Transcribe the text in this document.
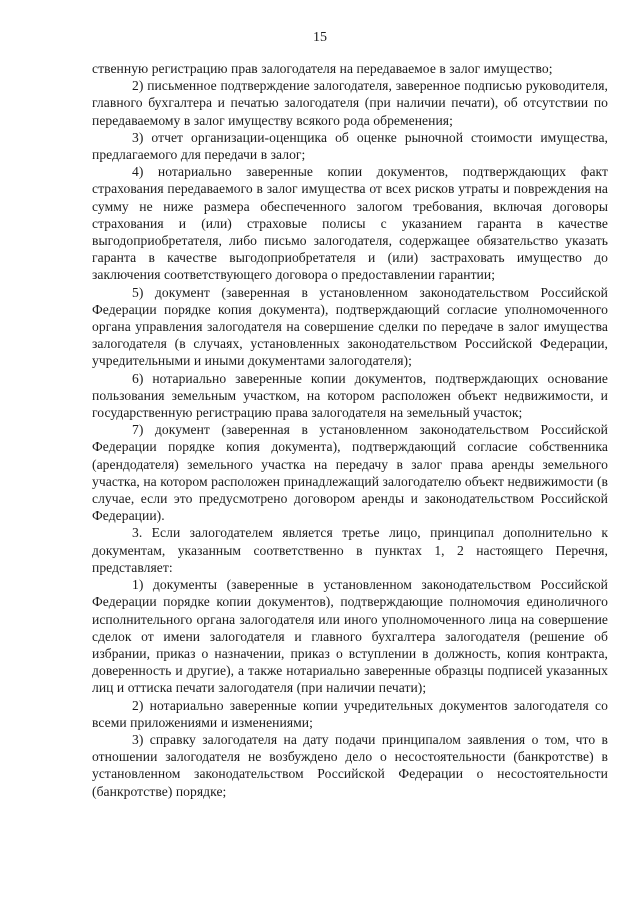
15

ственную регистрацию прав залогодателя на передаваемое в залог имущество;

2) письменное подтверждение залогодателя, заверенное подписью руководителя, главного бухгалтера и печатью залогодателя (при наличии печати), об отсутствии по передаваемому в залог имуществу всякого рода обременения;

3) отчет организации-оценщика об оценке рыночной стоимости имущества, предлагаемого для передачи в залог;

4) нотариально заверенные копии документов, подтверждающих факт страхования передаваемого в залог имущества от всех рисков утраты и повреждения на сумму не ниже размера обеспеченного залогом требования, включая договоры страхования и (или) страховые полисы с указанием гаранта в качестве выгодоприобретателя, либо письмо залогодателя, содержащее обязательство указать гаранта в качестве выгодоприобретателя и (или) застраховать имущество до заключения соответствующего договора о предоставлении гарантии;

5) документ (заверенная в установленном законодательством Российской Федерации порядке копия документа), подтверждающий согласие уполномоченного органа управления залогодателя на совершение сделки по передаче в залог имущества залогодателя (в случаях, установленных законодательством Российской Федерации, учредительными и иными документами залогодателя);

6) нотариально заверенные копии документов, подтверждающих основание пользования земельным участком, на котором расположен объект недвижимости, и государственную регистрацию права залогодателя на земельный участок;

7) документ (заверенная в установленном законодательством Российской Федерации порядке копия документа), подтверждающий согласие собственника (арендодателя) земельного участка на передачу в залог права аренды земельного участка, на котором расположен принадлежащий залогодателю объект недвижимости (в случае, если это предусмотрено договором аренды и законодательством Российской Федерации).

3. Если залогодателем является третье лицо, принципал дополнительно к документам, указанным соответственно в пунктах 1, 2 настоящего Перечня, представляет:

1) документы (заверенные в установленном законодательством Российской Федерации порядке копии документов), подтверждающие полномочия единоличного исполнительного органа залогодателя или иного уполномоченного лица на совершение сделок от имени залогодателя и главного бухгалтера залогодателя (решение об избрании, приказ о назначении, приказ о вступлении в должность, копия контракта, доверенность и другие), а также нотариально заверенные образцы подписей указанных лиц и оттиска печати залогодателя (при наличии печати);

2) нотариально заверенные копии учредительных документов залогодателя со всеми приложениями и изменениями;

3) справку залогодателя на дату подачи принципалом заявления о том, что в отношении залогодателя не возбуждено дело о несостоятельности (банкротстве) в установленном законодательством Российской Федерации о несостоятельности (банкротстве) порядке;
